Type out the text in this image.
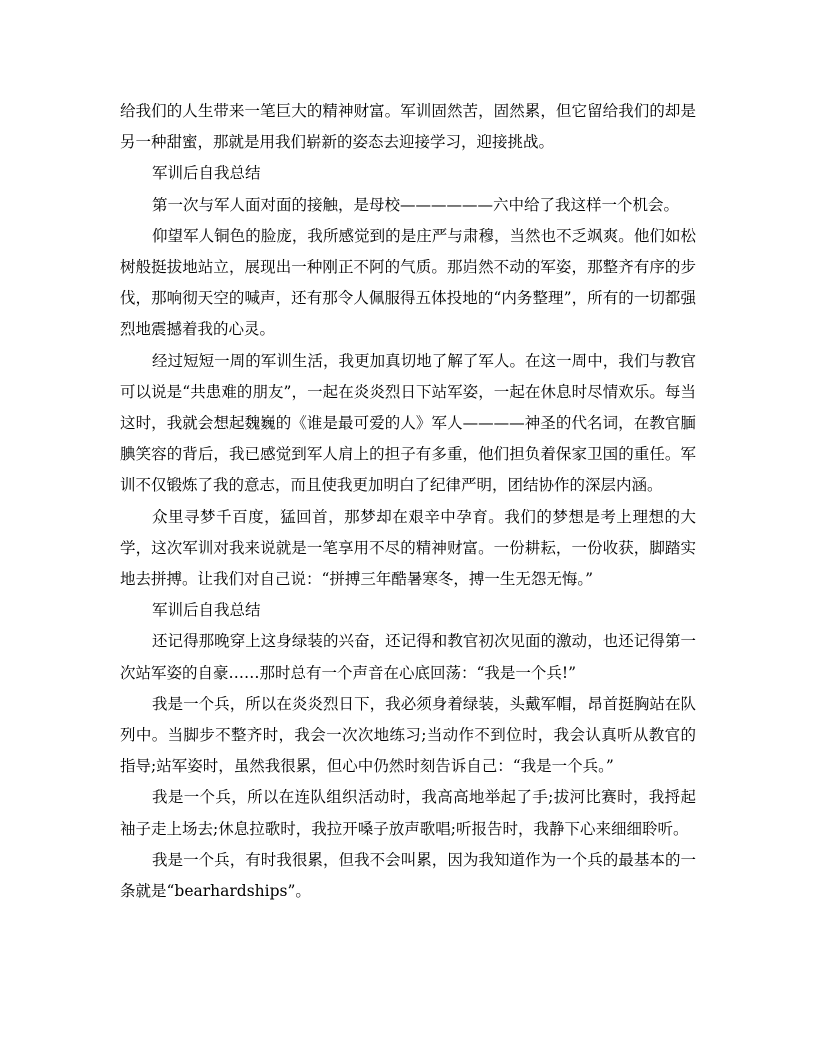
给我们的人生带来一笔巨大的精神财富。军训固然苦，固然累，但它留给我们的却是另一种甜蜜，那就是用我们崭新的姿态去迎接学习，迎接挑战。

军训后自我总结

第一次与军人面对面的接触，是母校——————六中给了我这样一个机会。

仰望军人铜色的脸庞，我所感觉到的是庄严与肃穆，当然也不乏飒爽。他们如松树般挺拔地站立，展现出一种刚正不阿的气质。那岿然不动的军姿，那整齐有序的步伐，那响彻天空的喊声，还有那令人佩服得五体投地的“内务整理”，所有的一切都强烈地震撼着我的心灵。

经过短短一周的军训生活，我更加真切地了解了军人。在这一周中，我们与教官可以说是“共患难的朋友”，一起在炎炎烈日下站军姿，一起在休息时尽情欢乐。每当这时，我就会想起魏巍的《谁是最可爱的人》军人————神圣的代名词，在教官腼腆笑容的背后，我已感觉到军人肩上的担子有多重，他们担负着保家卫国的重任。军训不仅锻炼了我的意志，而且使我更加明白了纪律严明，团结协作的深层内涵。

众里寻梦千百度，猛回首，那梦却在艰辛中孕育。我们的梦想是考上理想的大学，这次军训对我来说就是一笔享用不尽的精神财富。一份耕耘，一份收获，脚踏实地去拼搏。让我们对自己说：“拼搏三年酷暑寒冬，搏一生无怨无悔。”

军训后自我总结

还记得那晚穿上这身绿装的兴奋，还记得和教官初次见面的激动，也还记得第一次站军姿的自豪……那时总有一个声音在心底回荡：“我是一个兵!”

我是一个兵，所以在炎炎烈日下，我必须身着绿装，头戴军帽，昂首挺胸站在队列中。当脚步不整齐时，我会一次次地练习;当动作不到位时，我会认真听从教官的指导;站军姿时，虽然我很累，但心中仍然时刻告诉自己：“我是一个兵。”

我是一个兵，所以在连队组织活动时，我高高地举起了手;拔河比赛时，我捋起袖子走上场去;休息拉歌时，我拉开嗓子放声歌唱;听报告时，我静下心来细细聆听。

我是一个兵，有时我很累，但我不会叫累，因为我知道作为一个兵的最基本的一条就是“bearhardships”。
